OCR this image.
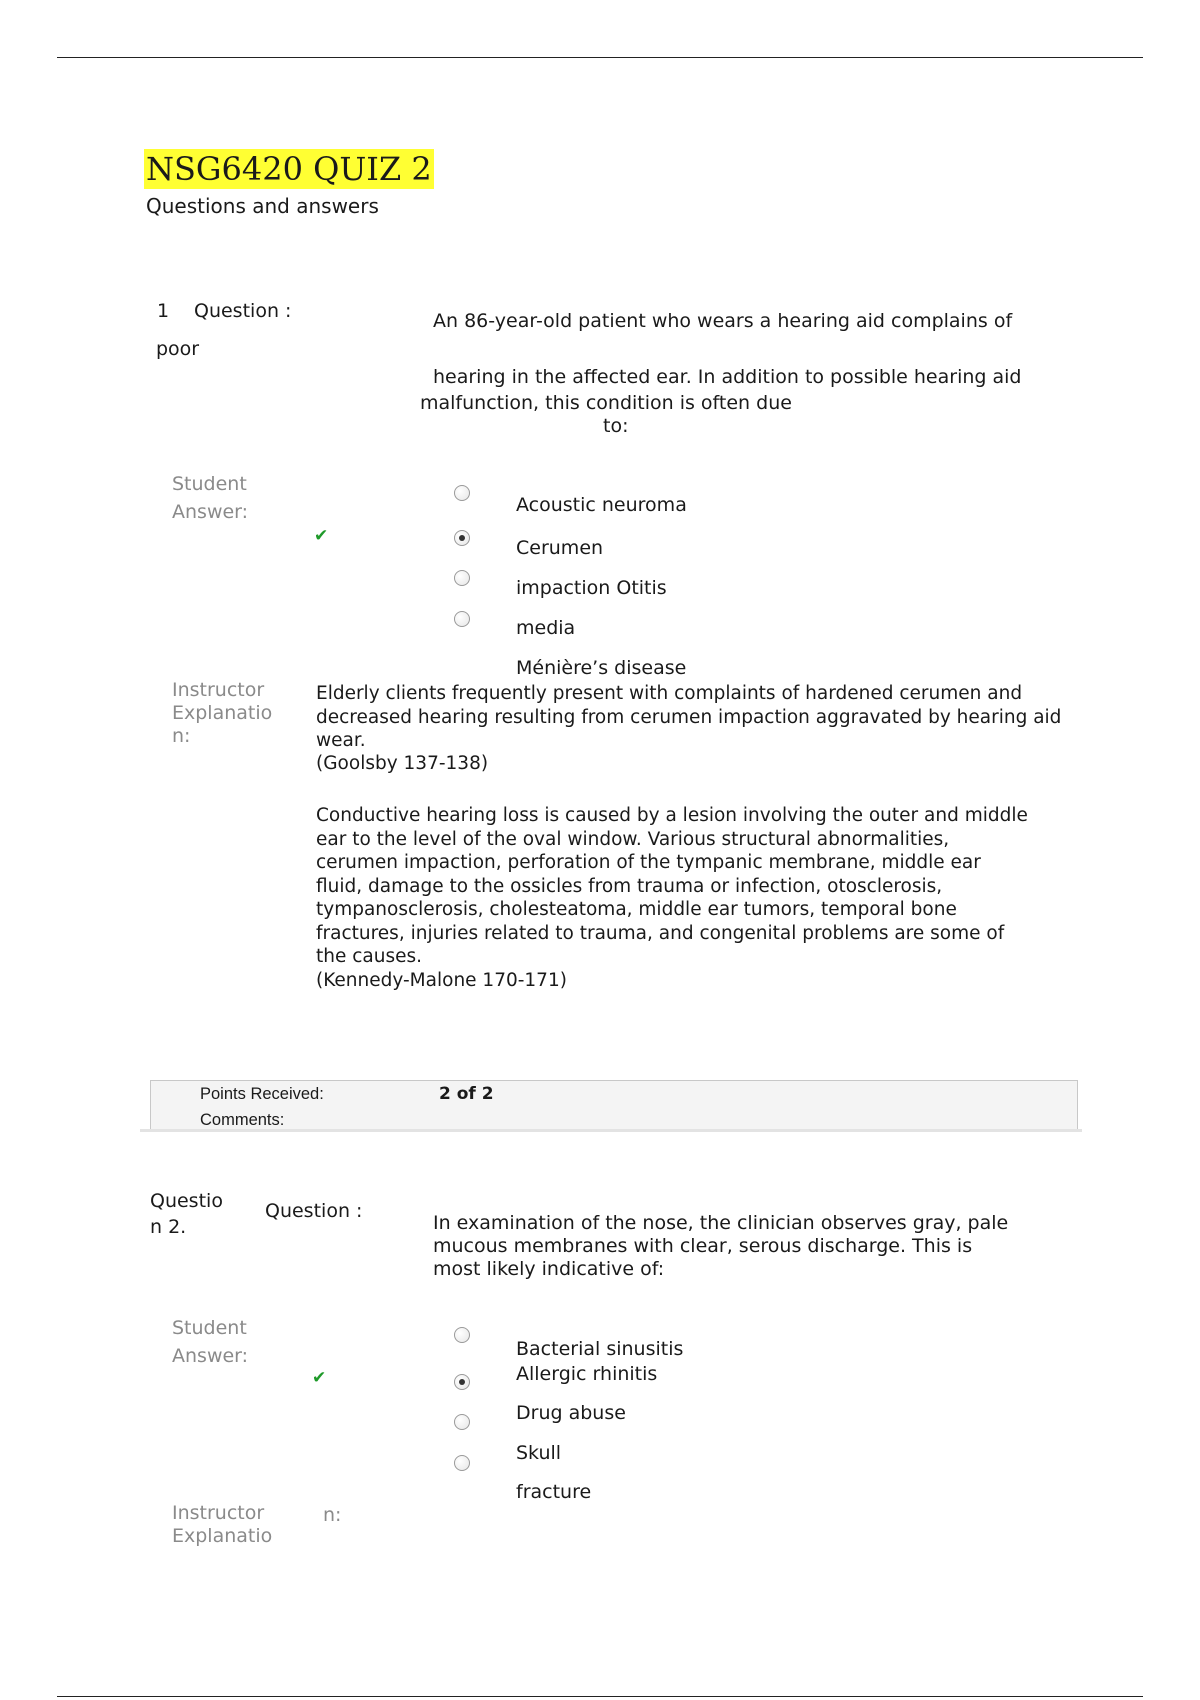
NSG6420 QUIZ 2
Questions and answers
1 Question :
poor
An 86-year-old patient who wears a hearing aid complains of
hearing in the affected ear. In addition to possible hearing aid
malfunction, this condition is often due
to:
Student
Answer:
✔
Acoustic neuroma
Cerumen
impaction Otitis
media
Ménière’s disease
Instructor
Explanatio
n:
Elderly clients frequently present with complaints of hardened cerumen and decreased hearing resulting from cerumen impaction aggravated by hearing aid wear.
(Goolsby 137-138)
Conductive hearing loss is caused by a lesion involving the outer and middle ear to the level of the oval window. Various structural abnormalities, cerumen impaction, perforation of the tympanic membrane, middle ear fluid, damage to the ossicles from trauma or infection, otosclerosis, tympanosclerosis, cholesteatoma, middle ear tumors, temporal bone fractures, injuries related to trauma, and congenital problems are some of the causes.
(Kennedy-Malone 170-171)
Points Received:	2 of 2
Comments:
Questio
n 2.
Question :
In examination of the nose, the clinician observes gray, pale
mucous membranes with clear, serous discharge. This is
most likely indicative of:
Student
Answer:
✔
Bacterial sinusitis
Allergic rhinitis
Drug abuse
Skull
fracture
Instructor
Explanatio
n:
